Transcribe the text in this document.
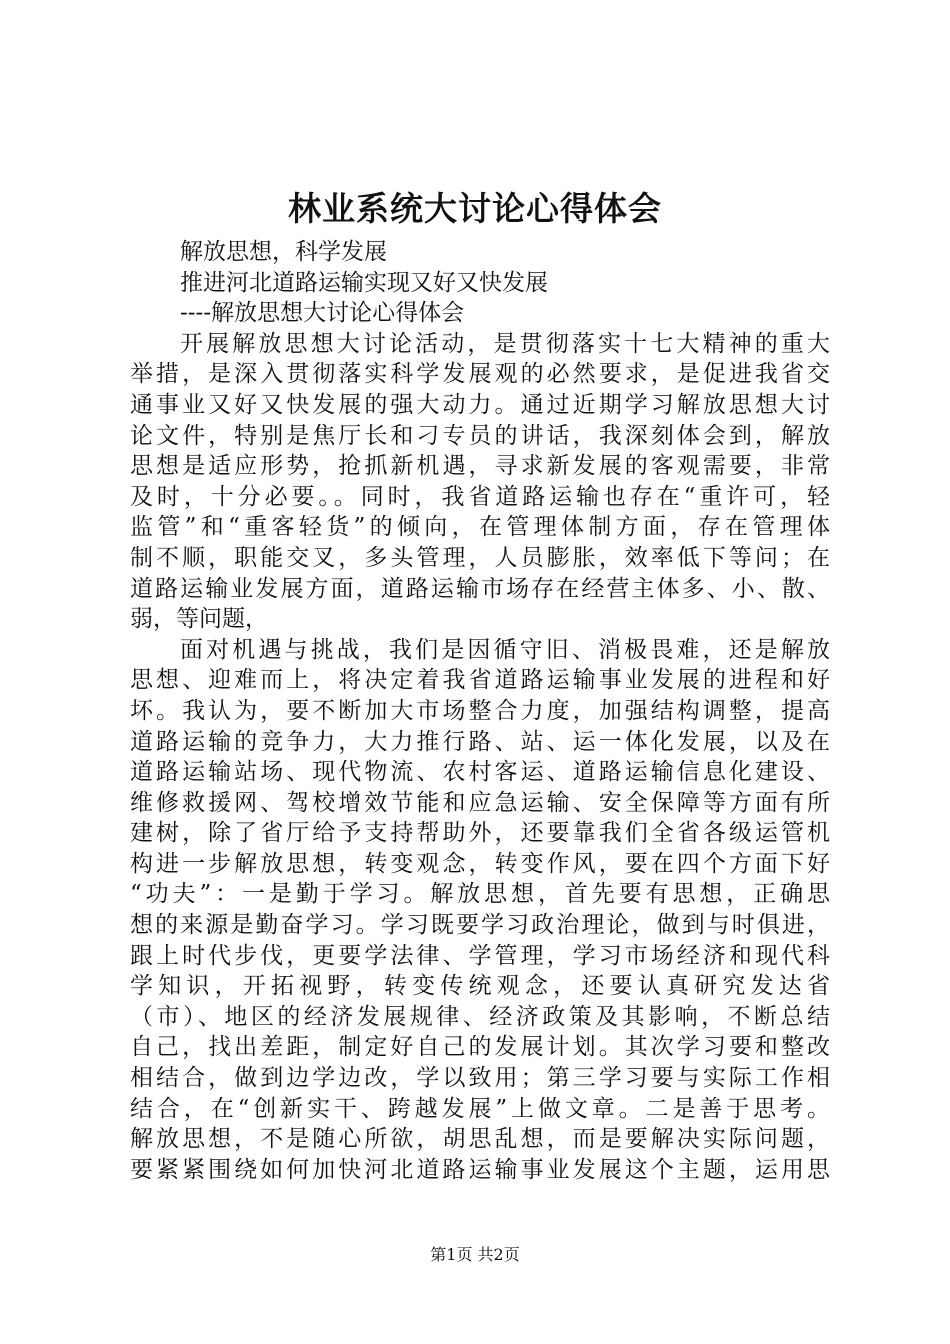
林业系统大讨论心得体会
解放思想，科学发展
推进河北道路运输实现又好又快发展
----解放思想大讨论心得体会
开展解放思想大讨论活动，是贯彻落实十七大精神的重大
举措，是深入贯彻落实科学发展观的必然要求，是促进我省交
通事业又好又快发展的强大动力。通过近期学习解放思想大讨
论文件，特别是焦厅长和刁专员的讲话，我深刻体会到，解放
思想是适应形势，抢抓新机遇，寻求新发展的客观需要，非常
及时，十分必要。。同时，我省道路运输也存在“重许可，轻
监管”和“重客轻货”的倾向，在管理体制方面，存在管理体
制不顺，职能交叉，多头管理，人员膨胀，效率低下等问；在
道路运输业发展方面，道路运输市场存在经营主体多、小、散、
弱，等问题，
面对机遇与挑战，我们是因循守旧、消极畏难，还是解放
思想、迎难而上，将决定着我省道路运输事业发展的进程和好
坏。我认为，要不断加大市场整合力度，加强结构调整，提高
道路运输的竞争力，大力推行路、站、运一体化发展，以及在
道路运输站场、现代物流、农村客运、道路运输信息化建设、
维修救援网、驾校增效节能和应急运输、安全保障等方面有所
建树，除了省厅给予支持帮助外，还要靠我们全省各级运管机
构进一步解放思想，转变观念，转变作风，要在四个方面下好
“功夫”：一是勤于学习。解放思想，首先要有思想，正确思
想的来源是勤奋学习。学习既要学习政治理论，做到与时俱进，
跟上时代步伐，更要学法律、学管理，学习市场经济和现代科
学知识，开拓视野，转变传统观念，还要认真研究发达省
（市）、地区的经济发展规律、经济政策及其影响，不断总结
自己，找出差距，制定好自己的发展计划。其次学习要和整改
相结合，做到边学边改，学以致用；第三学习要与实际工作相
结合，在“创新实干、跨越发展”上做文章。二是善于思考。
解放思想，不是随心所欲，胡思乱想，而是要解决实际问题，
要紧紧围绕如何加快河北道路运输事业发展这个主题，运用思
第1页 共2页
